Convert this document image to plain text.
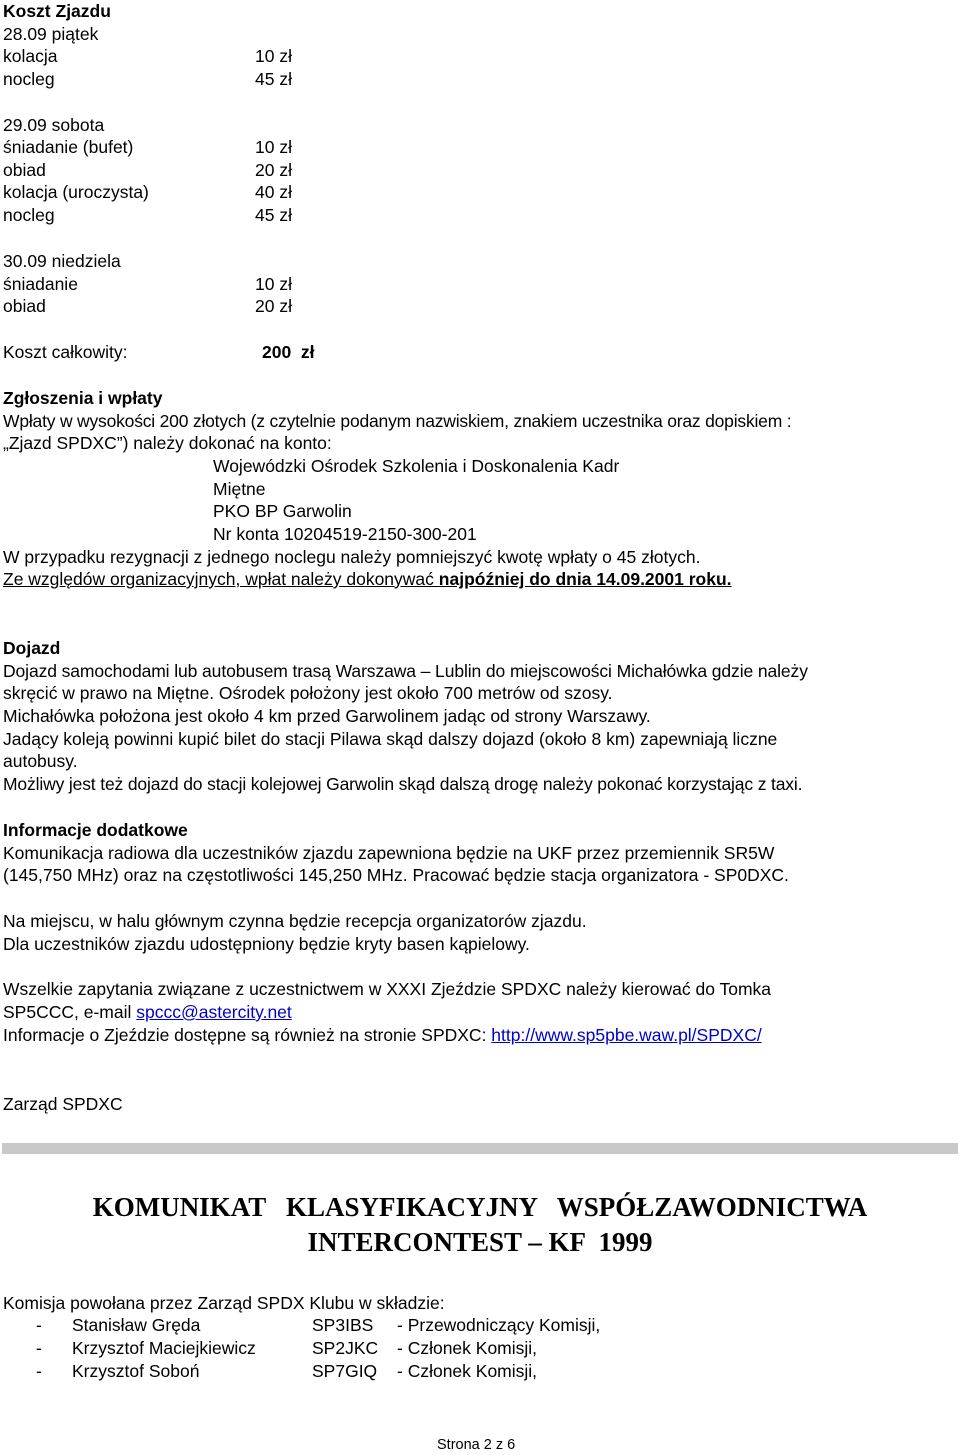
Koszt Zjazdu
28.09 piątek
kolacja	10 zł
nocleg	45 zł
29.09 sobota
śniadanie (bufet)	10 zł
obiad	20 zł
kolacja (uroczysta)	40 zł
nocleg	45 zł
30.09 niedziela
śniadanie	10 zł
obiad	20 zł
Koszt całkowity:	200  zł
Zgłoszenia i wpłaty
Wpłaty w wysokości 200 złotych (z czytelnie podanym nazwiskiem, znakiem uczestnika oraz dopiskiem :
„Zjazd SPDXC”) należy dokonać na konto:
Wojewódzki Ośrodek Szkolenia i Doskonalenia Kadr
Miętne
PKO BP Garwolin
Nr konta 10204519-2150-300-201
W przypadku rezygnacji z jednego noclegu należy pomniejszyć kwotę wpłaty o 45 złotych.
Ze względów organizacyjnych, wpłat należy dokonywać najpóźniej do dnia 14.09.2001 roku.
Dojazd
Dojazd samochodami lub autobusem trasą Warszawa – Lublin do miejscowości Michałówka gdzie należy
skręcić w prawo na Miętne. Ośrodek położony jest około 700 metrów od szosy.
Michałówka położona jest około 4 km przed Garwolinem jadąc od strony Warszawy.
Jadący koleją powinni kupić bilet do stacji Pilawa skąd dalszy dojazd (około 8 km) zapewniają liczne
autobusy.
Możliwy jest też dojazd do stacji kolejowej Garwolin skąd dalszą drogę należy pokonać korzystając z taxi.
Informacje dodatkowe
Komunikacja radiowa dla uczestników zjazdu zapewniona będzie na UKF przez przemiennik SR5W
(145,750 MHz) oraz na częstotliwości 145,250 MHz. Pracować będzie stacja organizatora - SP0DXC.
Na miejscu, w halu głównym czynna będzie recepcja organizatorów zjazdu.
Dla uczestników zjazdu udostępniony będzie kryty basen kąpielowy.
Wszelkie zapytania związane z uczestnictwem w XXXI Zjeździe SPDXC należy kierować do Tomka
SP5CCC, e-mail spccc@astercity.net
Informacje o Zjeździe dostępne są również na stronie SPDXC: http://www.sp5pbe.waw.pl/SPDXC/
Zarząd SPDXC
KOMUNIKAT   KLASYFIKACYJNY   WSPÓŁZAWODNICTWA
INTERCONTEST – KF  1999
Komisja powołana przez Zarząd SPDX Klubu w składzie:
- Stanisław Gręda	SP3IBS - Przewodniczący Komisji,
- Krzysztof Maciejkiewicz	SP2JKC - Członek Komisji,
- Krzysztof Soboń	SP7GIQ - Członek Komisji,
Strona 2 z 6
